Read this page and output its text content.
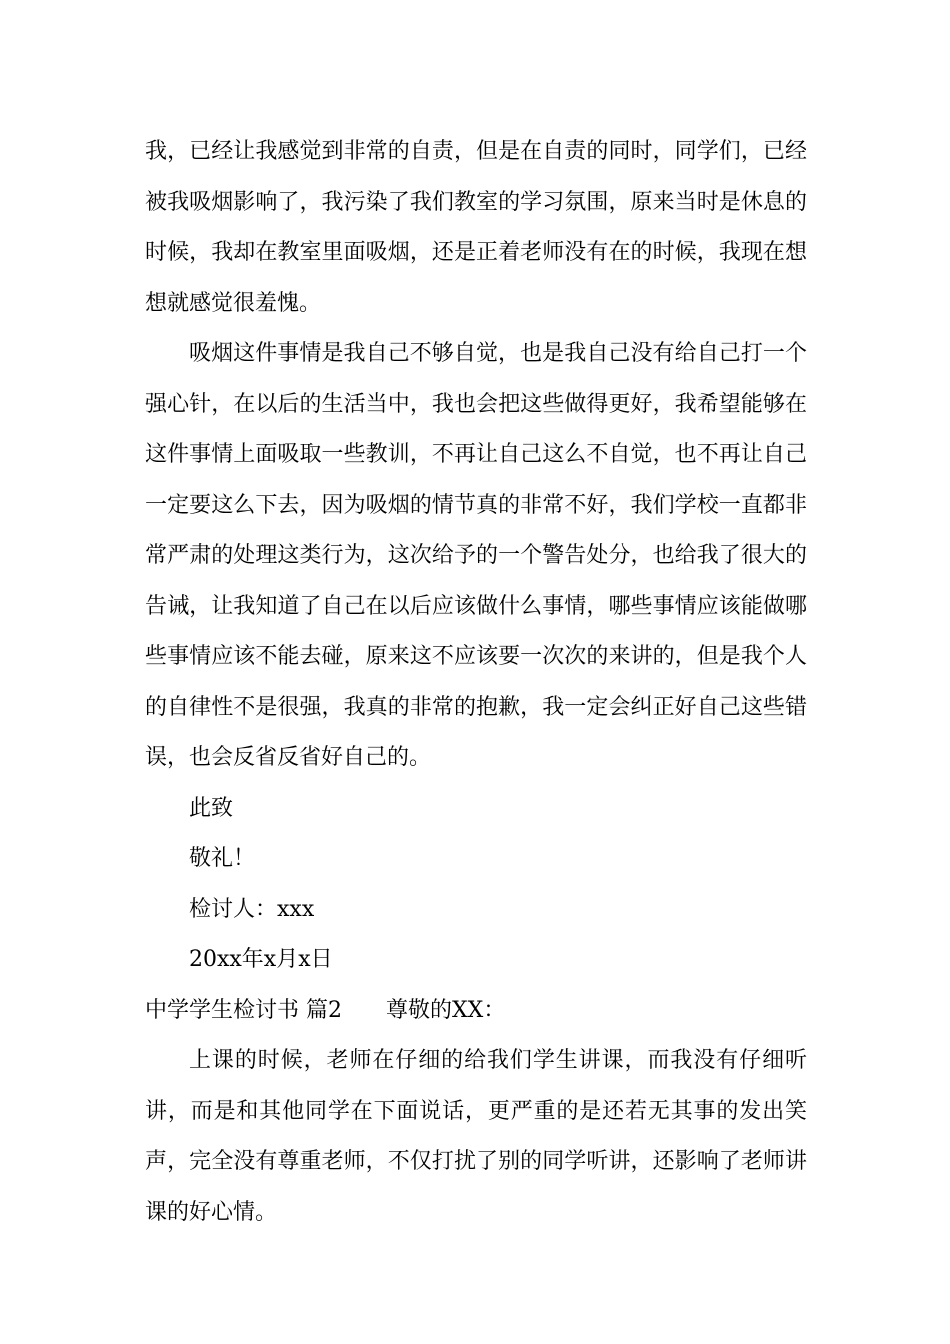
我，已经让我感觉到非常的自责，但是在自责的同时，同学们，已经被我吸烟影响了，我污染了我们教室的学习氛围，原来当时是休息的时候，我却在教室里面吸烟，还是正着老师没有在的时候，我现在想想就感觉很羞愧。

吸烟这件事情是我自己不够自觉，也是我自己没有给自己打一个强心针，在以后的生活当中，我也会把这些做得更好，我希望能够在这件事情上面吸取一些教训，不再让自己这么不自觉，也不再让自己一定要这么下去，因为吸烟的情节真的非常不好，我们学校一直都非常严肃的处理这类行为，这次给予的一个警告处分，也给我了很大的告诫，让我知道了自己在以后应该做什么事情，哪些事情应该能做哪些事情应该不能去碰，原来这不应该要一次次的来讲的，但是我个人的自律性不是很强，我真的非常的抱歉，我一定会纠正好自己这些错误，也会反省反省好自己的。

此致

敬礼！

检讨人：xxx

20xx年x月x日

中学学生检讨书 篇2 尊敬的XX：

上课的时候，老师在仔细的给我们学生讲课，而我没有仔细听讲，而是和其他同学在下面说话，更严重的是还若无其事的发出笑声，完全没有尊重老师，不仅打扰了别的同学听讲，还影响了老师讲课的好心情。
